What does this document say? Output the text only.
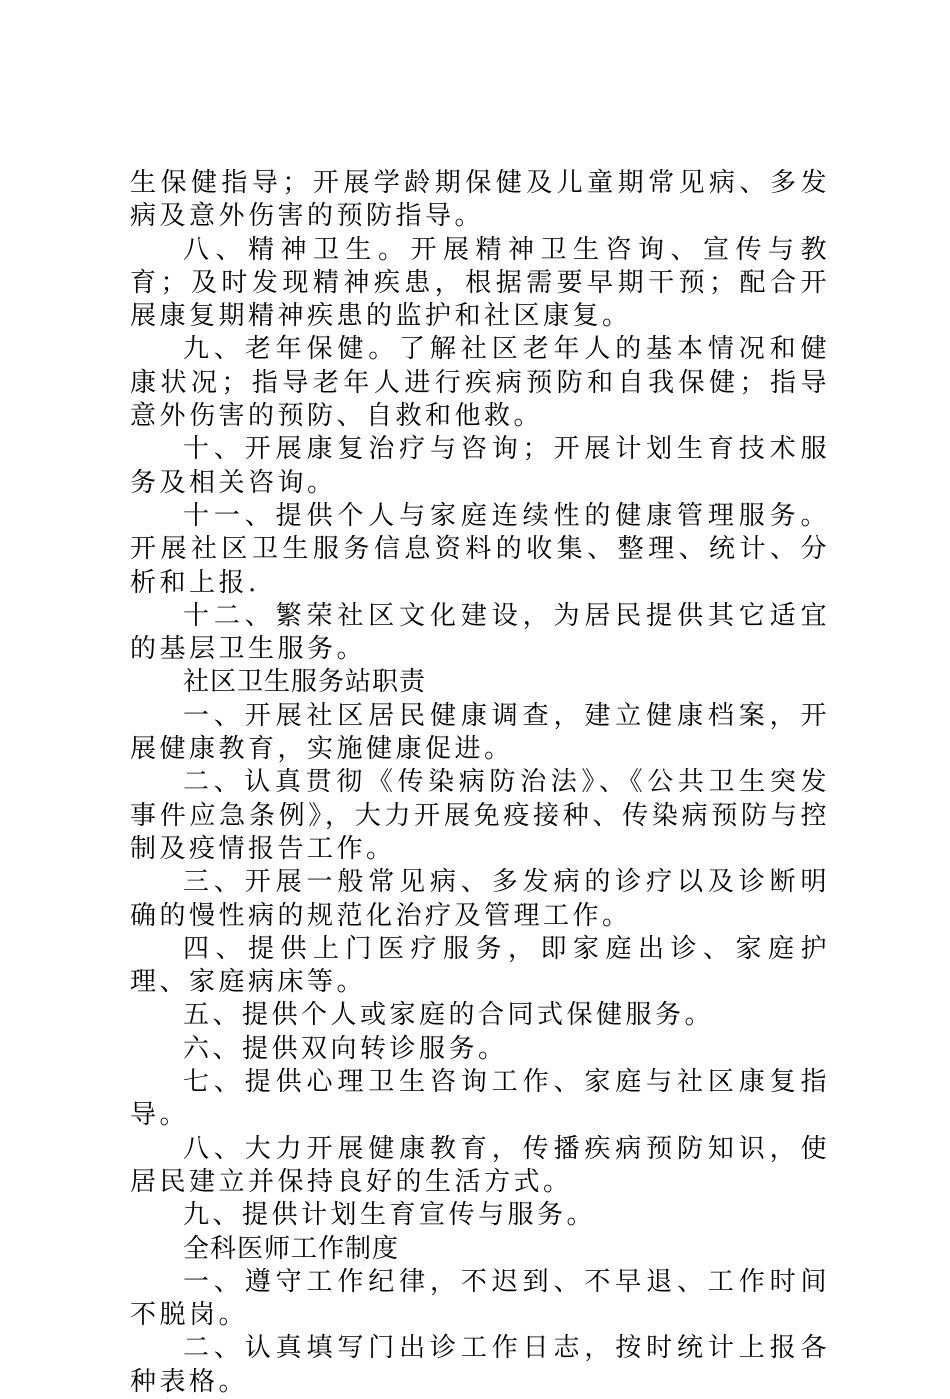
生保健指导；开展学龄期保健及儿童期常见病、多发病及意外伤害的预防指导。

八、精神卫生。开展精神卫生咨询、宣传与教育；及时发现精神疾患，根据需要早期干预；配合开展康复期精神疾患的监护和社区康复。

九、老年保健。了解社区老年人的基本情况和健康状况；指导老年人进行疾病预防和自我保健；指导意外伤害的预防、自救和他救。

十、开展康复治疗与咨询；开展计划生育技术服务及相关咨询。

十一、提供个人与家庭连续性的健康管理服务。开展社区卫生服务信息资料的收集、整理、统计、分析和上报.

十二、繁荣社区文化建设，为居民提供其它适宜的基层卫生服务。

社区卫生服务站职责

一、开展社区居民健康调查，建立健康档案，开展健康教育，实施健康促进。

二、认真贯彻《传染病防治法》、《公共卫生突发事件应急条例》，大力开展免疫接种、传染病预防与控制及疫情报告工作。

三、开展一般常见病、多发病的诊疗以及诊断明确的慢性病的规范化治疗及管理工作。

四、提供上门医疗服务，即家庭出诊、家庭护理、家庭病床等。

五、提供个人或家庭的合同式保健服务。

六、提供双向转诊服务。

七、提供心理卫生咨询工作、家庭与社区康复指导。

八、大力开展健康教育，传播疾病预防知识，使居民建立并保持良好的生活方式。

九、提供计划生育宣传与服务。

全科医师工作制度

一、遵守工作纪律，不迟到、不早退、工作时间不脱岗。

二、认真填写门出诊工作日志，按时统计上报各种表格。
